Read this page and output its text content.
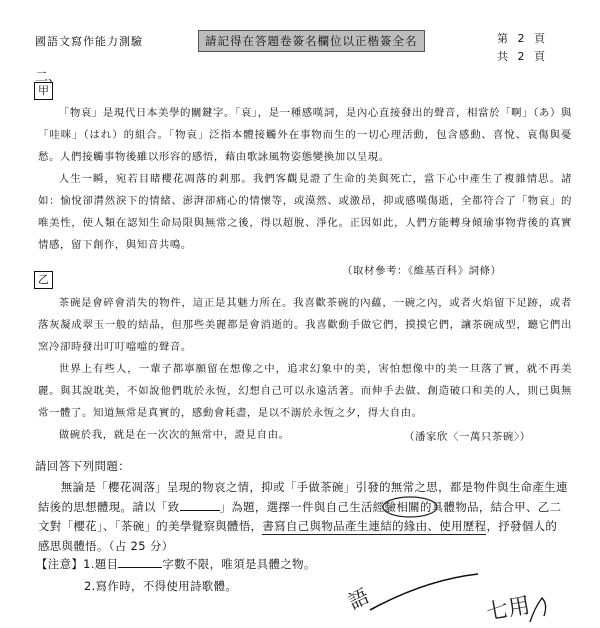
國語文寫作能力測驗	請記得在答題卷簽名欄位以正楷簽全名	第 2 頁
共 2 頁
二、
甲

「物哀」是現代日本美學的關鍵字。「哀」，是一種感嘆詞，是內心直接發出的聲音，相當於「啊」（あ）與「哇咪」（はれ）的組合。「物哀」泛指本體接觸外在事物而生的一切心理活動，包含感動、喜悅、哀傷與憂愁。人們接觸事物後雖以形容的感悟，藉由歌詠風物姿態變換加以呈現。

人生一瞬，宛若目睹櫻花凋落的剎那。我們客觀見證了生命的美與死亡，當下心中產生了複雜情思。諸如：愉悅卻潸然淚下的情緒、澎湃卻痛心的情懷等，或漠然、或激昂，抑或感嘆傷逝，全都符合了「物哀」的唯美性，使人類在認知生命局限與無常之後，得以超脫、淨化。正因如此，人們方能轉身傾瑜事物背後的真實情感，留下創作，與知音共鳴。

（取材參考：《維基百科》詞條）
乙

茶碗是會碎會消失的物件，這正是其魅力所在。我喜歡茶碗的內蘊，一碗之內，或者火焰留下足跡，或者落灰凝成翠玉一般的結晶，但那些美麗都是會消逝的。我喜歡動手做它們，摸摸它們，讓茶碗成型，聽它們出窯冷卻時發出叮叮噹噹的聲音。

世界上有些人，一輩子都寧願留在想像之中，追求幻象中的美，害怕想像中的美一旦落了實，就不再美麗。與其說耽美，不如說他們耽於永恆，幻想自己可以永遠活著。而伸手去做、創造破口和美的人，則已與無常一體了。知道無常是真實的，感動會耗盡，是以不溺於永恆之夕，得大自由。

做碗於我，就是在一次次的無常中，證見自由。	（潘家欣〈一萬只茶碗〉）
請回答下列問題：

無論是「櫻花凋落」呈現的物哀之情，抑或「手做茶碗」引發的無常之思，都是物件與生命產生連結後的思想體現。請以「致	」為題，選擇一件與自己生活經驗相關的具體物品，結合甲、乙二文對「櫻花」、「茶碗」的美學覺察與體悟，書寫自己與物品產生連結的緣由、使用歷程，抒發個人的感思與體悟。（占 25 分）

【注意】1.題目	字數不限，唯須是具體之物。
2.寫作時，不得使用詩歌體。	語	七用
